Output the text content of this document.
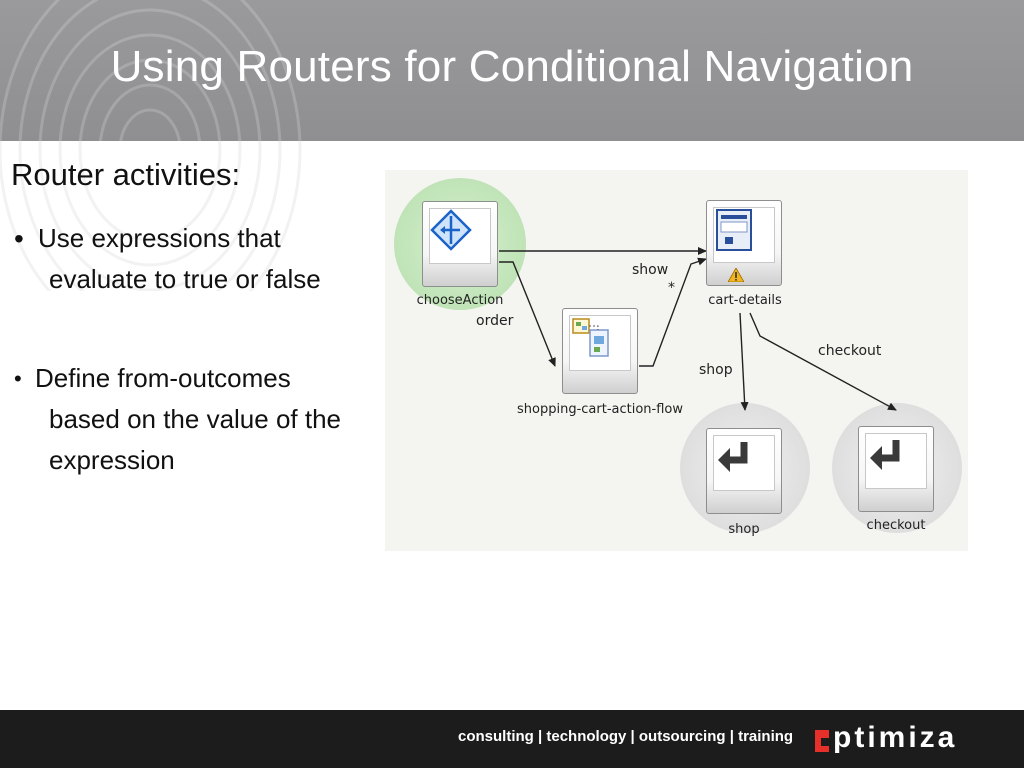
Using Routers for Conditional Navigation
Router activities:
• Use expressions that
evaluate to true or false
• Define from-outcomes
based on the value of the
expression
chooseAction	cart-details
shopping-cart-action-flow
shop	checkout
order
show
*
shop
checkout
consulting | technology | outsourcing | training ptimiza
